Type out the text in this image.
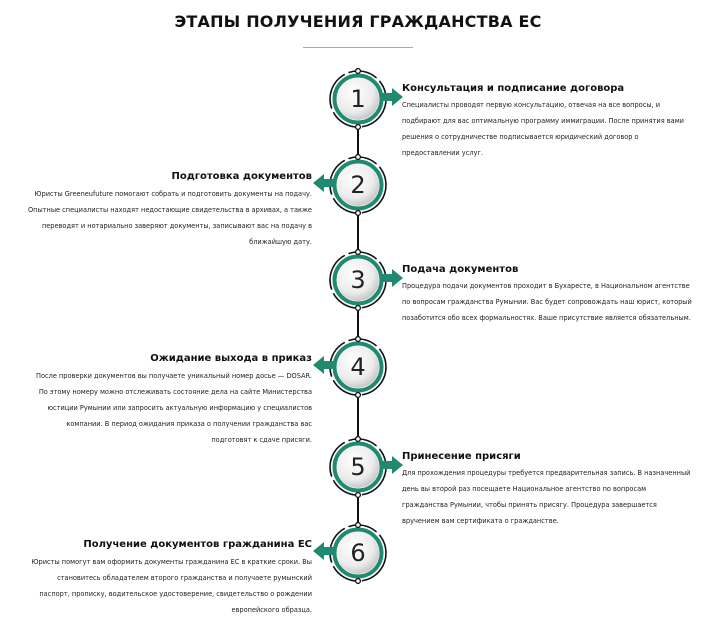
ЭТАПЫ ПОЛУЧЕНИЯ ГРАЖДАНСТВА ЕС
1	Консультация и подписание договора
Специалисты проводят первую консультацию, отвечая на все вопросы, и подбирают для вас оптимальную программу иммиграции. После принятия вами решения о сотрудничестве подписывается юридический договор о предоставлении услуг.
2
Подготовка документов
Юристы Greeneufuture помогают собрать и подготовить документы на подачу. Опытные специалисты находят недостающие свидетельства в архивах, а также переводят и нотариально заверяют документы, записывают вас на подачу в ближайшую дату.
3	Подача документов
Процедура подачи документов проходит в Бухаресте, в Национальном агентстве по вопросам гражданства Румынии. Вас будет сопровождать наш юрист, который позаботится обо всех формальностях. Ваше присутствие является обязательным.
4
Ожидание выхода в приказ
После проверки документов вы получаете уникальный номер досье — DOSAR. По этому номеру можно отслеживать состояние дела на сайте Министерства юстиции Румынии или запросить актуальную информацию у специалистов компании. В период ожидания приказа о получении гражданства вас подготовят к сдаче присяги.
5	Принесение присяги
Для прохождения процедуры требуется предварительная запись. В назначенный день вы второй раз посещаете Национальное агентство по вопросам гражданства Румынии, чтобы принять присягу. Процедура завершается вручением вам сертификата о гражданстве.
6
Получение документов гражданина ЕС
Юристы помогут вам оформить документы гражданина ЕС в краткие сроки. Вы становитесь обладателем второго гражданства и получаете румынский паспорт, прописку, водительское удостоверение, свидетельство о рождении европейского образца.
